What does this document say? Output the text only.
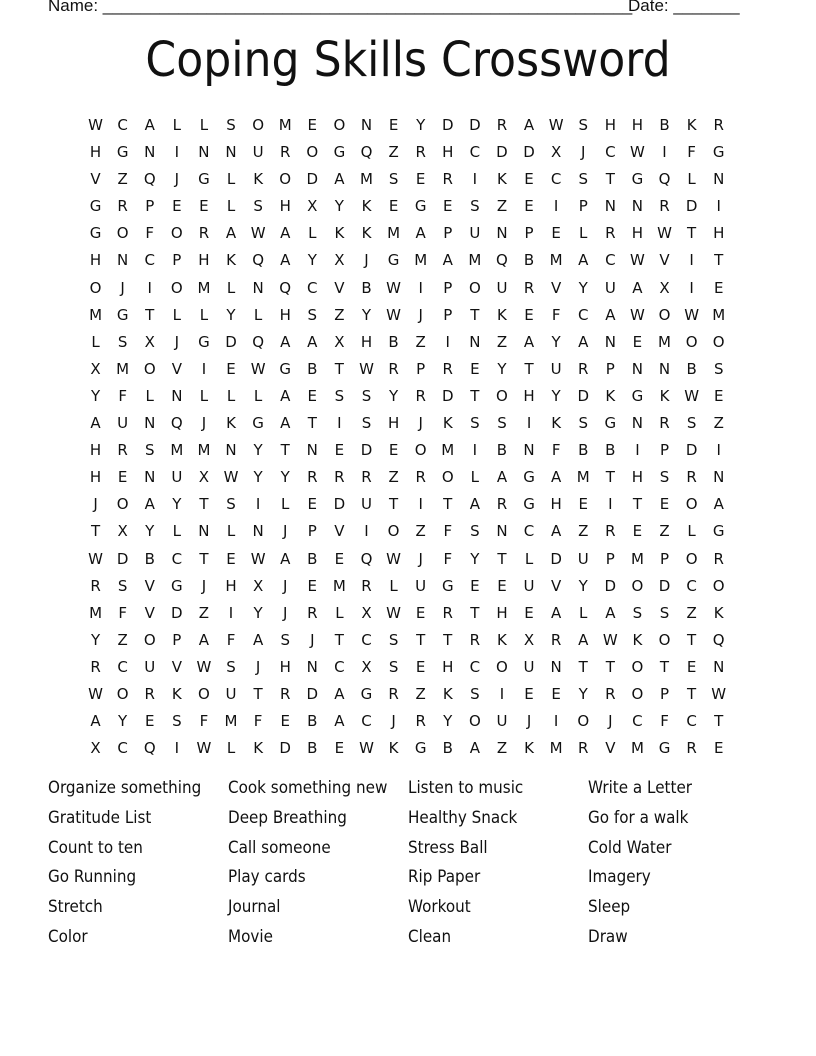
Name: ________________________________________________________
Date: _______
Coping Skills Crossword
W C	A	L	L	S	O M	E	O	N	E	Y	D	D	R	A W S	H	H	B	K	R
H	G	N	I	N	N	U	R	O	G	Q	Z	R	H	C	D	D	X	J	C W	I	F	G
V	Z	Q	J	G	L	K	O	D	A	M	S	E	R	I	K	E	C	S	T	G	Q	L	N
G	R	P	E	E	L	S	H	X	Y	K	E	G	E	S	Z	E	I	P	N	N	R	D	I
G	O	F	O	R	A W A	L	K	K	M	A	P	U	N	P	E	L	R	H W	T	H
H	N	C	P	H	K	Q	A	Y	X	J	G M	A	M Q	B	M	A	C W V	I	T
O	J	I	O M	L	N	Q	C	V	B W	I	P	O	U	R	V	Y	U	A	X	I	E
M G	T	L	L	Y	L	H	S	Z	Y	W	J	P	T	K	E	F	C	A W O W M
L	S	X	J	G	D	Q	A	A	X	H	B	Z	I	N	Z	A	Y	A	N	E	M O	O
X	M O	V	I	E W G	B	T	W R	P	R	E	Y	T	U	R	P	N	N	B	S
Y	F	L	N	L	L	L	A	E	S	S	Y	R	D	T	O	H	Y	D	K	G	K W E
A	U	N	Q	J	K	G	A	T	I	S	H	J	K	S	S	I	K	S	G	N	R	S	Z
H	R	S	M M	N	Y	T	N	E	D	E	O M	I	B	N	F	B	B	I	P	D	I
H	E	N	U	X W	Y	Y	R	R	R	Z	R	O	L	A	G	A	M	T	H	S	R	N
J	O	A	Y	T	S	I	L	E	D	U	T	I	T	A	R	G	H	E	I	T	E	O	A
T	X	Y	L	N	L	N	J	P	V	I	O	Z	F	S	N	C	A	Z	R	E	Z	L	G
W D	B	C	T	E W A	B	E	Q W	J	F	Y	T	L	D	U	P	M	P	O	R
R	S	V	G	J	H	X	J	E	M	R	L	U	G	E	E	U	V	Y	D	O	D	C	O
M	F	V	D	Z	I	Y	J	R	L	X W E	R	T	H	E	A	L	A	S	S	Z	K
Y	Z	O	P	A	F	A	S	J	T	C	S	T	T	R	K	X	R	A W K	O	T	Q
R	C	U	V W S	J	H	N	C	X	S	E	H	C	O	U	N	T	T	O	T	E	N
W O	R	K	O	U	T	R	D	A	G	R	Z	K	S	I	E	E	Y	R	O	P	T	W
A	Y	E	S	F	M	F	E	B	A	C	J	R	Y	O	U	J	I	O	J	C	F	C	T
X	C	Q	I	W	L	K	D	B	E W K	G	B	A	Z	K	M	R	V	M G	R	E
Organize something	Cook something new	Listen to music	Write a Letter
Gratitude List	Deep Breathing	Healthy Snack	Go for a walk
Count to ten	Call someone	Stress Ball	Cold Water
Go Running	Play cards	Rip Paper	Imagery
Stretch	Journal	Workout	Sleep
Color	Movie	Clean	Draw
